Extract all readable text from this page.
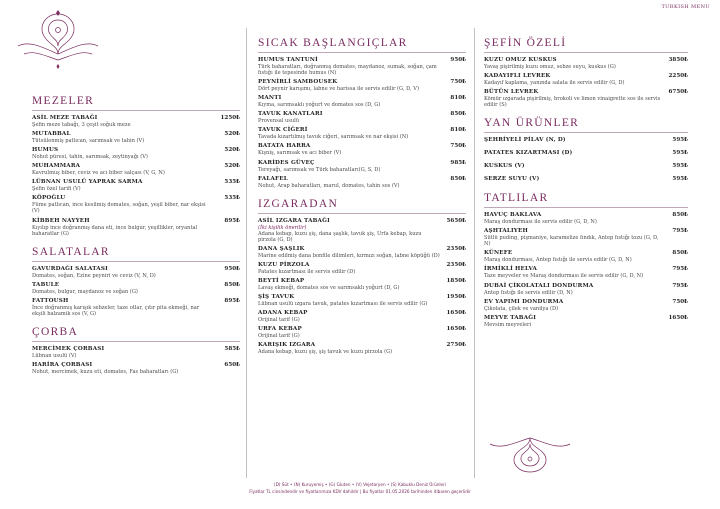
TURKISH MENU
MEZELER
ASİL MEZE TABAĞI	1250₺
Şefin meze tabağı, 3 çeşit soğuk meze
MUTABBAL	520₺
Tütsülenmiş patlıcan, sarımsak ve tahin (V)
HUMUS	520₺
Nohut püresi, tahin, sarımsak, zeytinyağı (V)
MUHAMMARA	520₺
Kavrulmuş biber, ceviz ve acı biber salçası (V, G, N)
LÜBNAN USULÜ YAPRAK SARMA	535₺
Şefin özel tarifi (V)
KÖPOĞLU	535₺
Füme patlıcan, ince kesilmiş domates, soğan, yeşil biber, nar ekşisi (V)
KİBBEH NAYYEH	895₺
Kıyılıp ince doğranmış dana eti, ince bulgur, yeşillikler, oryantal baharatlar (G)
SALATALAR
GAVURDAĞI SALATASI	950₺
Domates, soğan, Ezine peyniri ve ceviz (V, N, D)
TABULE	850₺
Domates, bulgur, maydanoz ve soğan (G)
FATTOUSH	895₺
İnce doğranmış karışık sebzeler, taze otlar, çıtır pita ekmeği, nar ekşili balzamik sos (V, G)
ÇORBA
MERCİMEK ÇORBASI	585₺
Lübnan usulü (V)
HARİRA ÇORBASI	650₺
Nohut, mercimek, kuzu eti, domates, Fas baharatları (G)
SICAK BAŞLANGIÇLAR
HUMUS TANTUNİ	950₺
Türk baharatları, doğranmış domates, maydanoz, sumak, soğan, çam fıstığı ile tepesinde humus (N)
PEYNİRLİ SAMBOUSEK	750₺
Dört peynir karışımı, labne ve harissa ile servis edilir (G, D, V)
MANTI	810₺
Kıyma, sarımsaklı yoğurt ve domates sos (D, G)
TAVUK KANATLARI	850₺
Provensal usulü
TAVUK CİĞERİ	810₺
Tavada kızartılmış tavuk ciğeri, sarımsak ve nar ekşisi (N)
BATATA HARRA	750₺
Kişniş, sarımsak ve acı biber (V)
KARİDES GÜVEÇ	985₺
Tereyağı, sarımsak ve Türk baharatları(G, S, D)
FALAFEL	850₺
Nohut, Arap baharatları, marul, domates, tahin sos (V)
IZGARADAN
ASİL IZGARA TABAĞI	5650₺
(İki kişilik önerilir)
Adana kebap, kuzu şiş, dana şaşlık, tavuk şiş, Urfa kebap, kuzu pirzola (G, D)
DANA ŞAŞLIK	2350₺
Marine edilmiş dana bonfile dilimleri, kırmızı soğan, labne köpüğü (D)
KUZU PİRZOLA	2350₺
Patates kızartması ile servis edilir (D)
BEYTİ KEBAP	1850₺
Lavaş ekmeği, domates sos ve sarımsaklı yoğurt (D, G)
ŞİŞ TAVUK	1950₺
Lübnan usulü ızgara tavuk, patates kızartması ile servis edilir (G)
ADANA KEBAP	1650₺
Orijinal tarif (G)
URFA KEBAP	1650₺
Orijinal tarif (G)
KARIŞIK IZGARA	2750₺
Adana kebap, kuzu şiş, şiş tavuk ve kuzu pirzola (G)
ŞEFİN ÖZELİ
KUZU OMUZ KUSKUS	3850₺
Yavaş pişirilmiş kuzu omuz, sebze suyu, kuskus (G)
KADAYIFLI LEVREK	2250₺
Kadayıf kaplama, yanında salata ile servis edilir (G, D)
BÜTÜN LEVREK	6750₺
Kömür ızgarada pişirilmiş, brokoli ve limon vinaigrette sos ile servis edilir (S)
YAN ÜRÜNLER
ŞEHRİYELİ PİLAV (N, D)	595₺
PATATES KIZARTMASI (D)	595₺
KUSKUS (V)	595₺
SERZE SUYU (V)	595₺
TATLILAR
HAVUÇ BAKLAVA	850₺
Maraş dondurması ile servis edilir (G, D, N)
AŞHTALIYEH	795₺
Sütlü puding, pişmaniye, karamelize fındık, Antep fıstığı tozu (G, D, N)
KÜNEFE	850₺
Maraş dondurması, Antep fıstığı ile servis edilir (G, D, N)
İRMİKLİ HELVA	795₺
Taze meyveler ve Maraş dondurması ile servis edilir (G, D, N)
DUBAİ ÇİKOLATALI DONDURMA	795₺
Antep fıstığı ile servis edilir (D, N)
EV YAPIMI DONDURMA	750₺
Çikolata, çilek ve vanilya (D)
MEYVE TABAĞI	1650₺
Mevsim meyveleri
(D) Süt • (N) Kuruyemiş • (G) Gluten • (V) Vejetaryen • (S) Kabuklu Deniz Ürünleri
Fiyatlar TL cinsindendir ve fiyatlarımıza KDV dahildir | Bu fiyatlar 01.05.2026 tarihinden itibaren geçerlidir
